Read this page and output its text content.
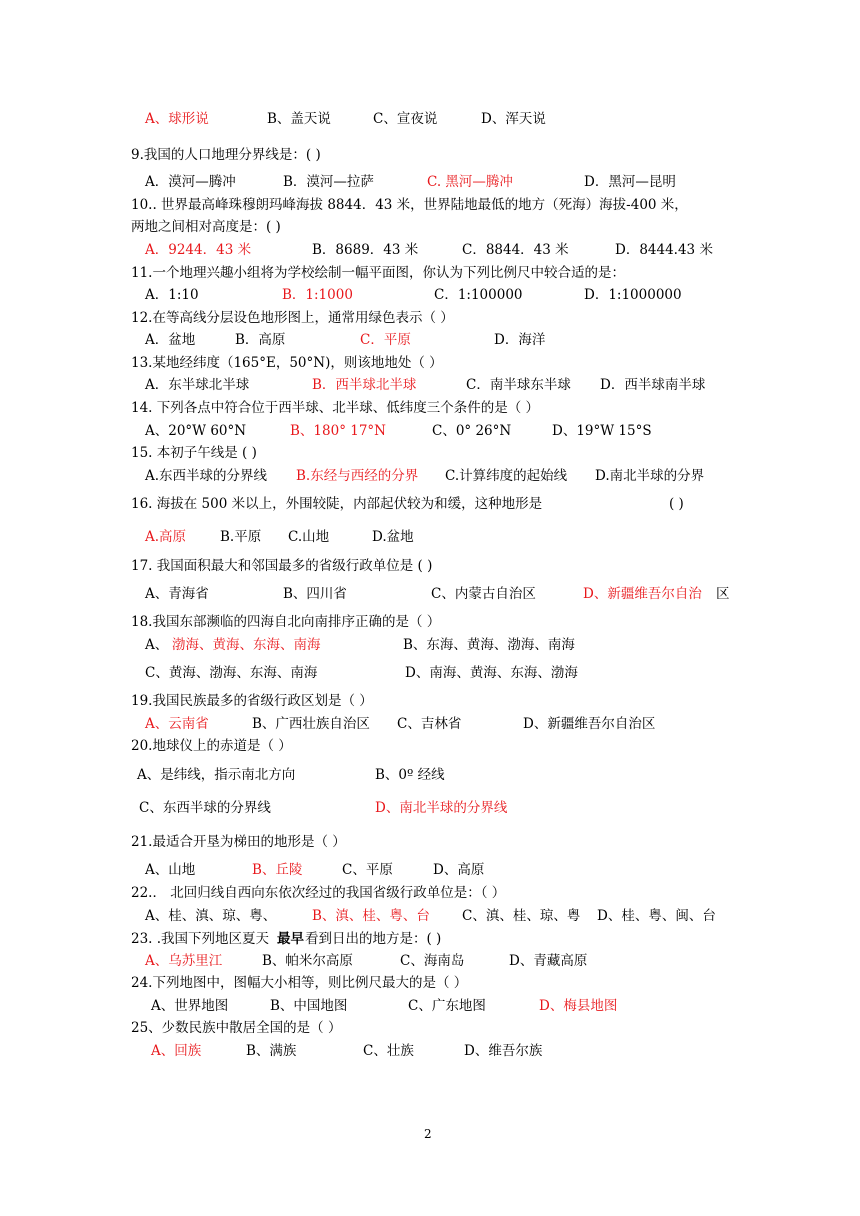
A、球形说	B、盖天说	C、宣夜说	D、浑天说
9.我国的人口地理分界线是：( )
A．漠河—腾冲	B．漠河—拉萨	C. 黑河—腾冲	D．黑河—昆明
10.. 世界最高峰珠穆朗玛峰海拔 8844．43 米，世界陆地最低的地方（死海）海拔-400 米，
两地之间相对高度是：( )
A．9244．43 米	B．8689．43 米	C．8844．43 米	D．8444.43 米
11.一个地理兴趣小组将为学校绘制一幅平面图，你认为下列比例尺中较合适的是：
A．1:10	B．1:1000	C．1:100000	D．1:1000000
12.在等高线分层设色地形图上，通常用绿色表示（ ）
A．盆地	B．高原	C．平原	D．海洋
13.某地经纬度（165°E，50°N)，则该地地处（ ）
A．东半球北半球	B．西半球北半球	C．南半球东半球 D．西半球南半球
14. 下列各点中符合位于西半球、北半球、低纬度三个条件的是（ ）
A、20°W 60°N	B、180° 17°N	C、0° 26°N	D、19°W 15°S
15. 本初子午线是 ( )
A.东西半球的分界线 B.东经与西经的分界 C.计算纬度的起始线 D.南北半球的分界
16. 海拔在 500 米以上，外围较陡，内部起伏较为和缓，这种地形是	( )
A.高原	B.平原 C.山地	D.盆地
17. 我国面积最大和邻国最多的省级行政单位是 ( )
A、青海省	B、四川省	C、内蒙古自治区	D、新疆维吾尔自治 区
18.我国东部濒临的四海自北向南排序正确的是（ ）
A、 渤海、黄海、东海、南海	B、东海、黄海、渤海、南海
C、黄海、渤海、东海、南海	D、南海、黄海、东海、渤海
19.我国民族最多的省级行政区划是（ ）
A、云南省	B、广西壮族自治区 C、吉林省	D、新疆维吾尔自治区
20.地球仪上的赤道是（ ）
A、是纬线，指示南北方向	B、0º 经线
C、东西半球的分界线	D、南北半球的分界线
21.最适合开垦为梯田的地形是（ ）
A、山地	B、丘陵	C、平原	D、高原
22.． 北回归线自西向东依次经过的我国省级行政单位是：（ ）
A、桂、滇、琼、粤、	B、滇、桂、粤、台 C、滇、桂、琼、粤 D、桂、粤、闽、台
23. .我国下列地区夏天 最早 看到日出的地方是：( )
A、乌苏里江	B、帕米尔高原	C、海南岛	D、青藏高原
24.下列地图中，图幅大小相等，则比例尺最大的是（ ）
A、世界地图	B、中国地图	C、广东地图	D、梅县地图
25、少数民族中散居全国的是（ ）
A、回族	B、满族	C、壮族	D、维吾尔族
2
